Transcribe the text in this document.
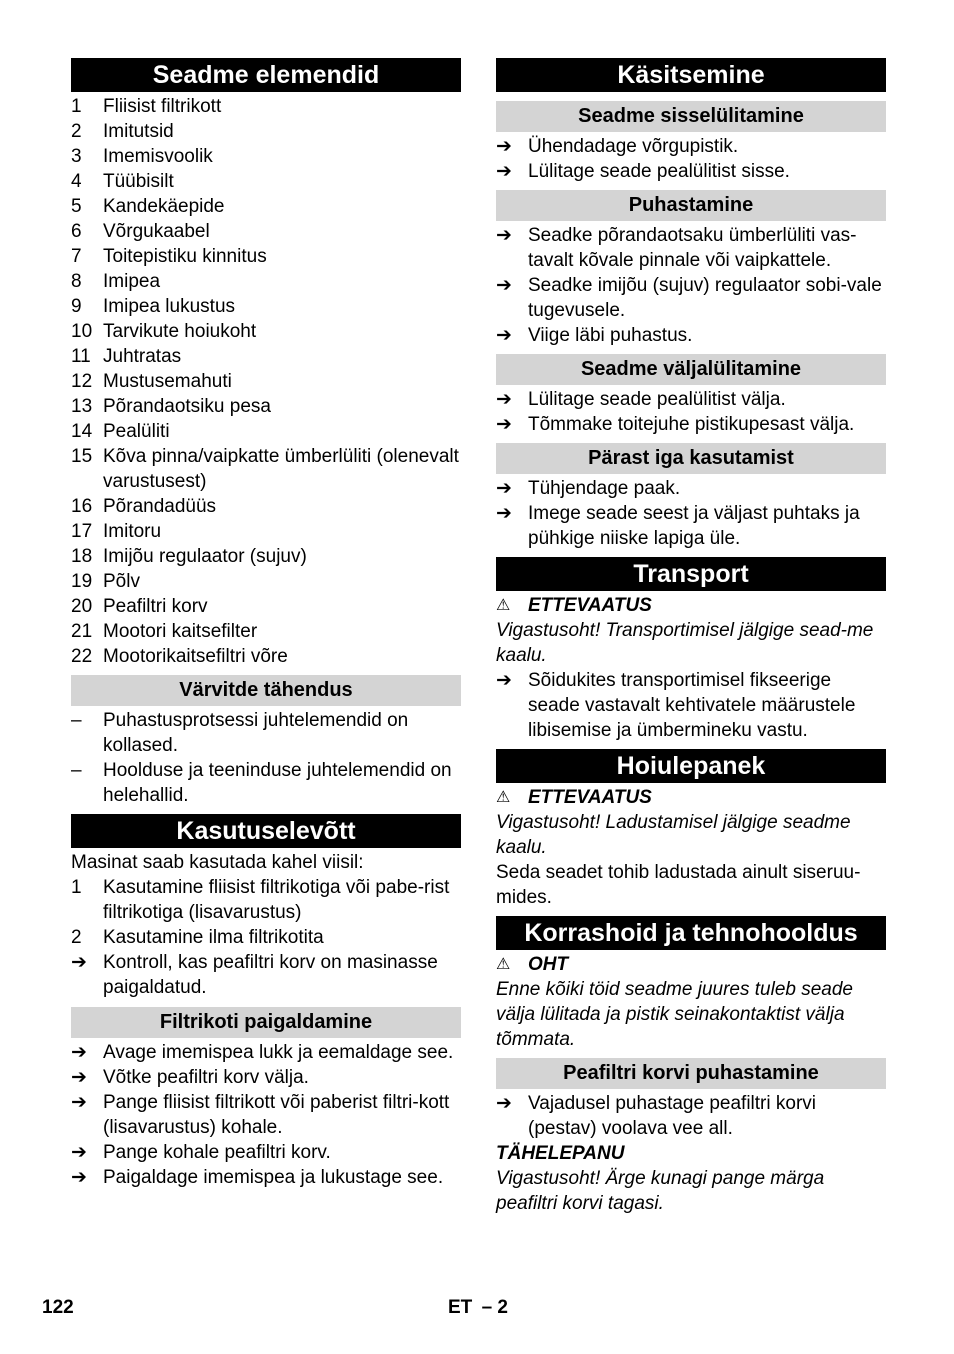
Seadme elemendid
1	Fliisist filtrikott
2	Imitutsid
3	Imemisvoolik
4	Tüübisilt
5	Kandekäepide
6	Võrgukaabel
7	Toitepistiku kinnitus
8	Imipea
9	Imipea lukustus
10 Tarvikute hoiukoht
11 Juhtratas
12 Mustusemahuti
13 Põrandaotsiku pesa
14 Pealüliti
15 Kõva pinna/vaipkatte ümberlüliti (olenevalt varustusest)
16 Põrandadüüs
17 Imitoru
18 Imijõu regulaator (sujuv)
19 Põlv
20 Peafiltri korv
21 Mootori kaitsefilter
22 Mootorikaitsefiltri võre
Värvitde tähendus
–	Puhastusprotsessi juhtelemendid on kollased.
–	Hoolduse ja teeninduse juhtelemendid on helehallid.
Kasutuselevõtt

Masinat saab kasutada kahel viisil:

1	Kasutamine fliisist filtrikotiga või pabe-rist filtrikotiga (lisavarustus)
2	Kasutamine ilma filtrikotita
➔ Kontroll, kas peafiltri korv on masinasse paigaldatud.
Filtrikoti paigaldamine
➔ Avage imemispea lukk ja eemaldage see.
➔ Võtke peafiltri korv välja.
➔ Pange fliisist filtrikott või paberist filtri-kott (lisavarustus) kohale.
➔ Pange kohale peafiltri korv.
➔ Paigaldage imemispea ja lukustage see.
Käsitsemine
Seadme sisselülitamine
➔ Ühendadage võrgupistik.
➔ Lülitage seade pealülitist sisse.
Puhastamine
➔ Seadke põrandaotsaku ümberlüliti vas-tavalt kõvale pinnale või vaipkattele.
➔ Seadke imijõu (sujuv) regulaator sobi-vale tugevusele.
➔ Viige läbi puhastus.
Seadme väljalülitamine
➔ Lülitage seade pealülitist välja.
➔ Tõmmake toitejuhe pistikupesast välja.
Pärast iga kasutamist
➔ Tühjendage paak.
➔ Imege seade seest ja väljast puhtaks ja pühkige niiske lapiga üle.
Transport
⚠ ETTEVAATUS

Vigastusoht! Transportimisel jälgige sead-me kaalu.

➔ Sõidukites transportimisel fikseerige seade vastavalt kehtivatele määrustele libisemise ja ümbermineku vastu.
Hoiulepanek
⚠ ETTEVAATUS

Vigastusoht! Ladustamisel jälgige seadme kaalu.

Seda seadet tohib ladustada ainult siseruu-mides.

Korrashoid ja tehnohooldus
⚠ OHT

Enne kõiki töid seadme juures tuleb seade välja lülitada ja pistik seinakontaktist välja tõmmata.

Peafiltri korvi puhastamine
➔ Vajadusel puhastage peafiltri korvi (pestav) voolava vee all.
TÄHELEPANU

Vigastusoht! Ärge kunagi pange märga peafiltri korvi tagasi.

122	ET – 2
